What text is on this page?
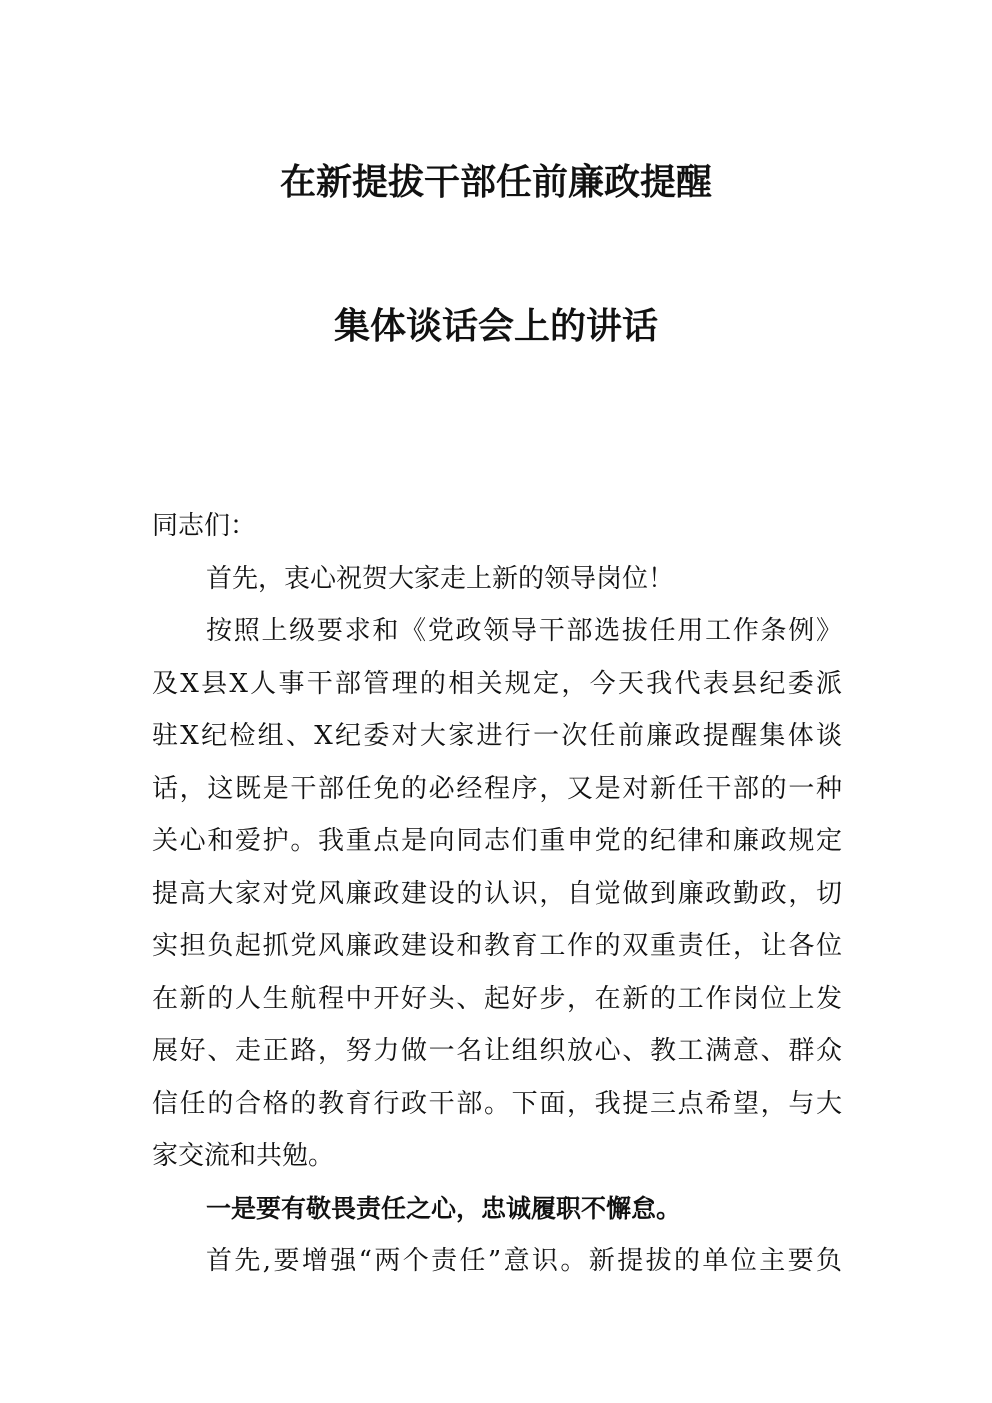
在新提拔干部任前廉政提醒
集体谈话会上的讲话
同志们：
首先，衷心祝贺大家走上新的领导岗位！
按照上级要求和《党政领导干部选拔任用工作条例》
及X县X人事干部管理的相关规定，今天我代表县纪委派
驻X纪检组、X纪委对大家进行一次任前廉政提醒集体谈
话，这既是干部任免的必经程序，又是对新任干部的一种
关心和爱护。我重点是向同志们重申党的纪律和廉政规定
提高大家对党风廉政建设的认识，自觉做到廉政勤政，切
实担负起抓党风廉政建设和教育工作的双重责任，让各位
在新的人生航程中开好头、起好步，在新的工作岗位上发
展好、走正路，努力做一名让组织放心、教工满意、群众
信任的合格的教育行政干部。下面，我提三点希望，与大
家交流和共勉。
一是要有敬畏责任之心，忠诚履职不懈怠。
首先,要增强“两个责任”意识。新提拔的单位主要负
